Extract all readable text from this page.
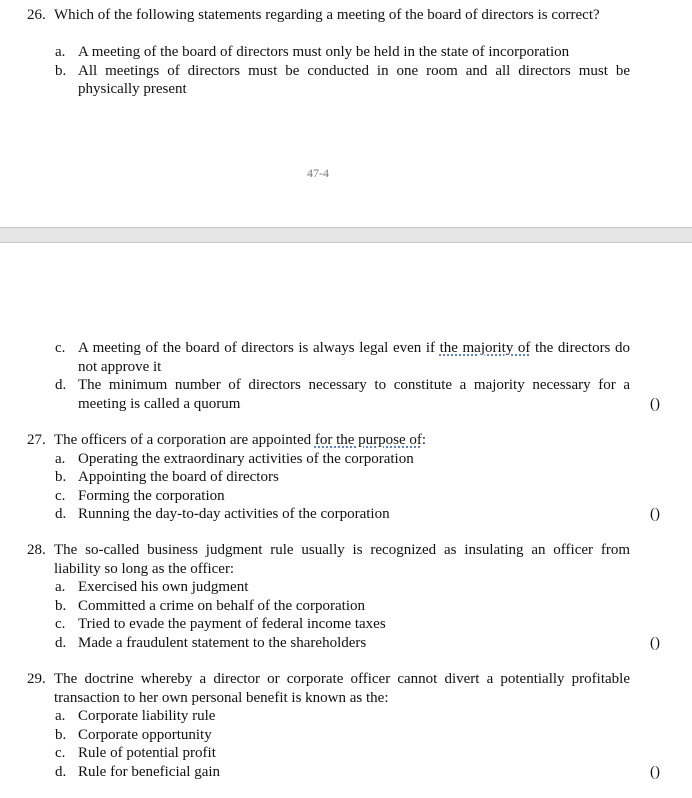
26. Which of the following statements regarding a meeting of the board of directors is correct?
a. A meeting of the board of directors must only be held in the state of incorporation
b. All meetings of directors must be conducted in one room and all directors must be physically present
47-4
c. A meeting of the board of directors is always legal even if the majority of the directors do not approve it
d. The minimum number of directors necessary to constitute a majority necessary for a meeting is called a quorum	()
27. The officers of a corporation are appointed for the purpose of:
a. Operating the extraordinary activities of the corporation
b. Appointing the board of directors
c. Forming the corporation
d. Running the day-to-day activities of the corporation	()
28. The so-called business judgment rule usually is recognized as insulating an officer from liability so long as the officer:
a. Exercised his own judgment
b. Committed a crime on behalf of the corporation
c. Tried to evade the payment of federal income taxes
d. Made a fraudulent statement to the shareholders	()
29. The doctrine whereby a director or corporate officer cannot divert a potentially profitable transaction to her own personal benefit is known as the:
a. Corporate liability rule
b. Corporate opportunity
c. Rule of potential profit
d. Rule for beneficial gain	()
